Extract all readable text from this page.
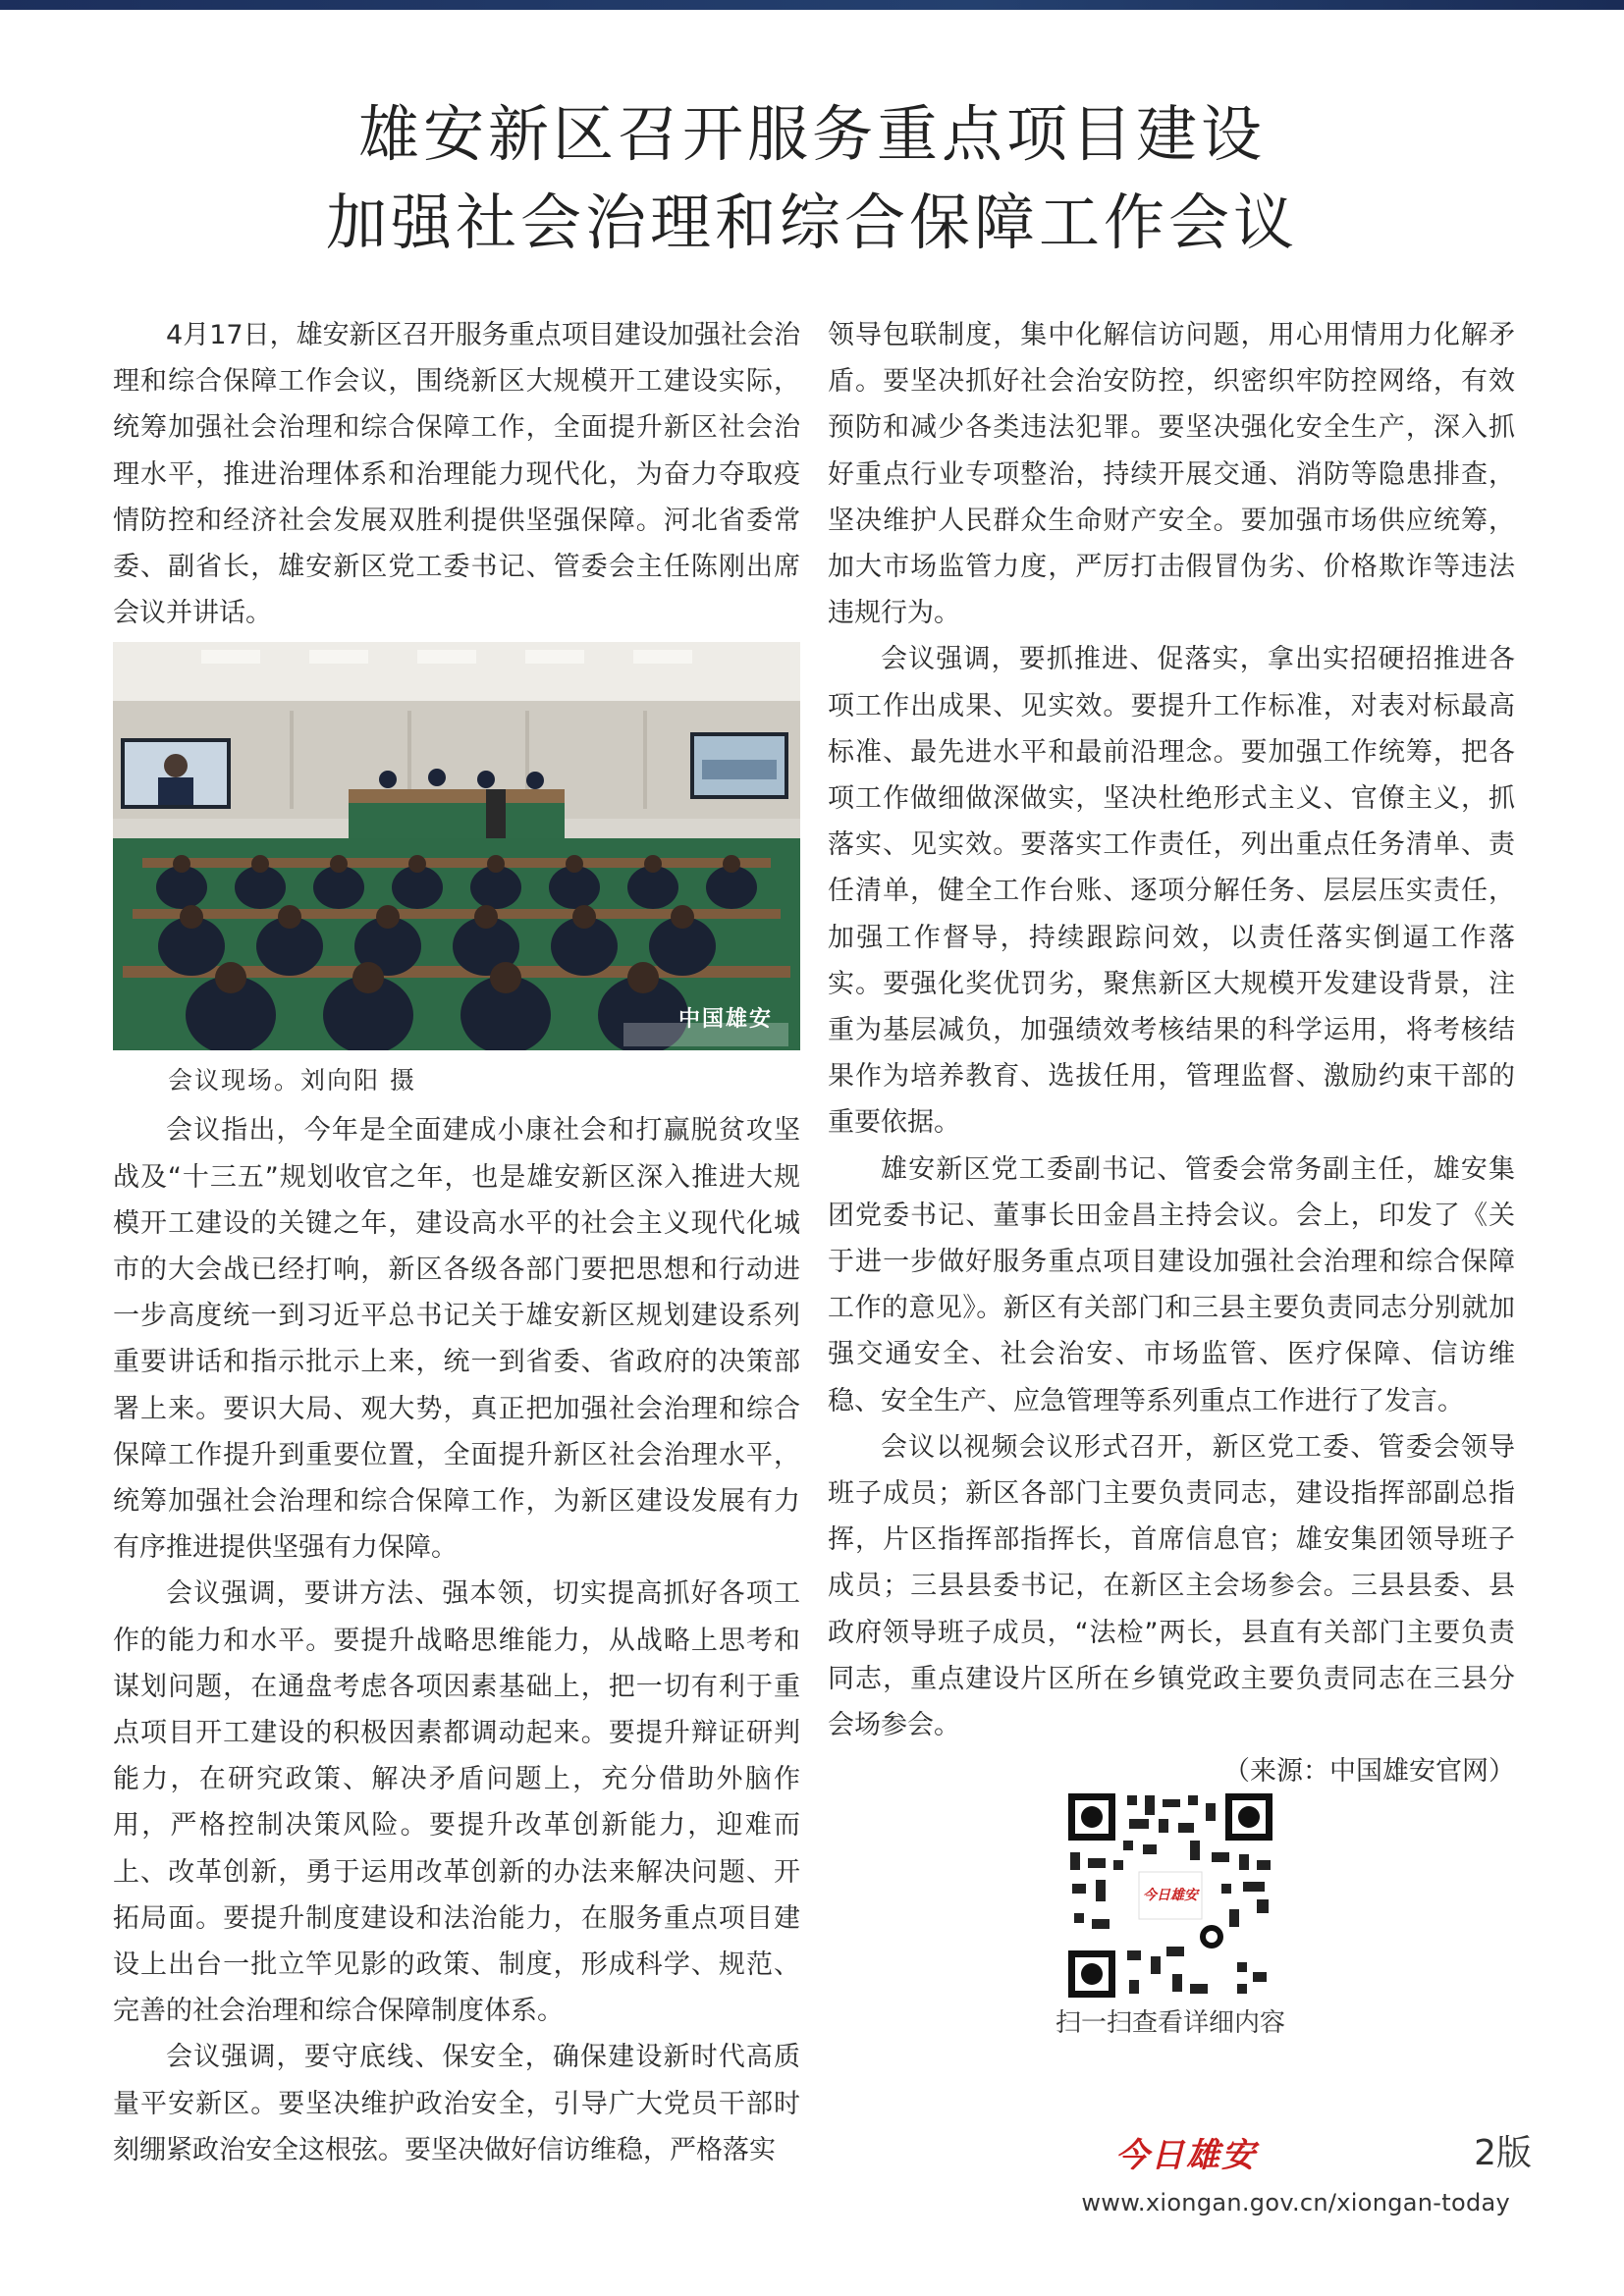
雄安新区召开服务重点项目建设
加强社会治理和综合保障工作会议

4月17日，雄安新区召开服务重点项目建设加强社会治理和综合保障工作会议，围绕新区大规模开工建设实际，统筹加强社会治理和综合保障工作，全面提升新区社会治理水平，推进治理体系和治理能力现代化，为奋力夺取疫情防控和经济社会发展双胜利提供坚强保障。河北省委常委、副省长，雄安新区党工委书记、管委会主任陈刚出席会议并讲话。

中国雄安

会议现场。刘向阳 摄

会议指出，今年是全面建成小康社会和打赢脱贫攻坚战及“十三五”规划收官之年，也是雄安新区深入推进大规模开工建设的关键之年，建设高水平的社会主义现代化城市的大会战已经打响，新区各级各部门要把思想和行动进一步高度统一到习近平总书记关于雄安新区规划建设系列重要讲话和指示批示上来，统一到省委、省政府的决策部署上来。要识大局、观大势，真正把加强社会治理和综合保障工作提升到重要位置，全面提升新区社会治理水平，统筹加强社会治理和综合保障工作，为新区建设发展有力有序推进提供坚强有力保障。

会议强调，要讲方法、强本领，切实提高抓好各项工作的能力和水平。要提升战略思维能力，从战略上思考和谋划问题，在通盘考虑各项因素基础上，把一切有利于重点项目开工建设的积极因素都调动起来。要提升辩证研判能力，在研究政策、解决矛盾问题上，充分借助外脑作用，严格控制决策风险。要提升改革创新能力，迎难而上、改革创新，勇于运用改革创新的办法来解决问题、开拓局面。要提升制度建设和法治能力，在服务重点项目建设上出台一批立竿见影的政策、制度，形成科学、规范、完善的社会治理和综合保障制度体系。

会议强调，要守底线、保安全，确保建设新时代高质量平安新区。要坚决维护政治安全，引导广大党员干部时刻绷紧政治安全这根弦。要坚决做好信访维稳，严格落实

领导包联制度，集中化解信访问题，用心用情用力化解矛盾。要坚决抓好社会治安防控，织密织牢防控网络，有效预防和减少各类违法犯罪。要坚决强化安全生产，深入抓好重点行业专项整治，持续开展交通、消防等隐患排查，坚决维护人民群众生命财产安全。要加强市场供应统筹，加大市场监管力度，严厉打击假冒伪劣、价格欺诈等违法违规行为。

会议强调，要抓推进、促落实，拿出实招硬招推进各项工作出成果、见实效。要提升工作标准，对表对标最高标准、最先进水平和最前沿理念。要加强工作统筹，把各项工作做细做深做实，坚决杜绝形式主义、官僚主义，抓落实、见实效。要落实工作责任，列出重点任务清单、责任清单，健全工作台账、逐项分解任务、层层压实责任，加强工作督导，持续跟踪问效，以责任落实倒逼工作落实。要强化奖优罚劣，聚焦新区大规模开发建设背景，注重为基层减负，加强绩效考核结果的科学运用，将考核结果作为培养教育、选拔任用，管理监督、激励约束干部的重要依据。

雄安新区党工委副书记、管委会常务副主任，雄安集团党委书记、董事长田金昌主持会议。会上，印发了《关于进一步做好服务重点项目建设加强社会治理和综合保障工作的意见》。新区有关部门和三县主要负责同志分别就加强交通安全、社会治安、市场监管、医疗保障、信访维稳、安全生产、应急管理等系列重点工作进行了发言。

会议以视频会议形式召开，新区党工委、管委会领导班子成员；新区各部门主要负责同志，建设指挥部副总指挥，片区指挥部指挥长，首席信息官；雄安集团领导班子成员；三县县委书记，在新区主会场参会。三县县委、县政府领导班子成员，“法检”两长，县直有关部门主要负责同志，重点建设片区所在乡镇党政主要负责同志在三县分会场参会。

（来源：中国雄安官网）

今日雄安
扫一扫查看详细内容
今日雄安	2版
www.xiongan.gov.cn/xiongan-today
